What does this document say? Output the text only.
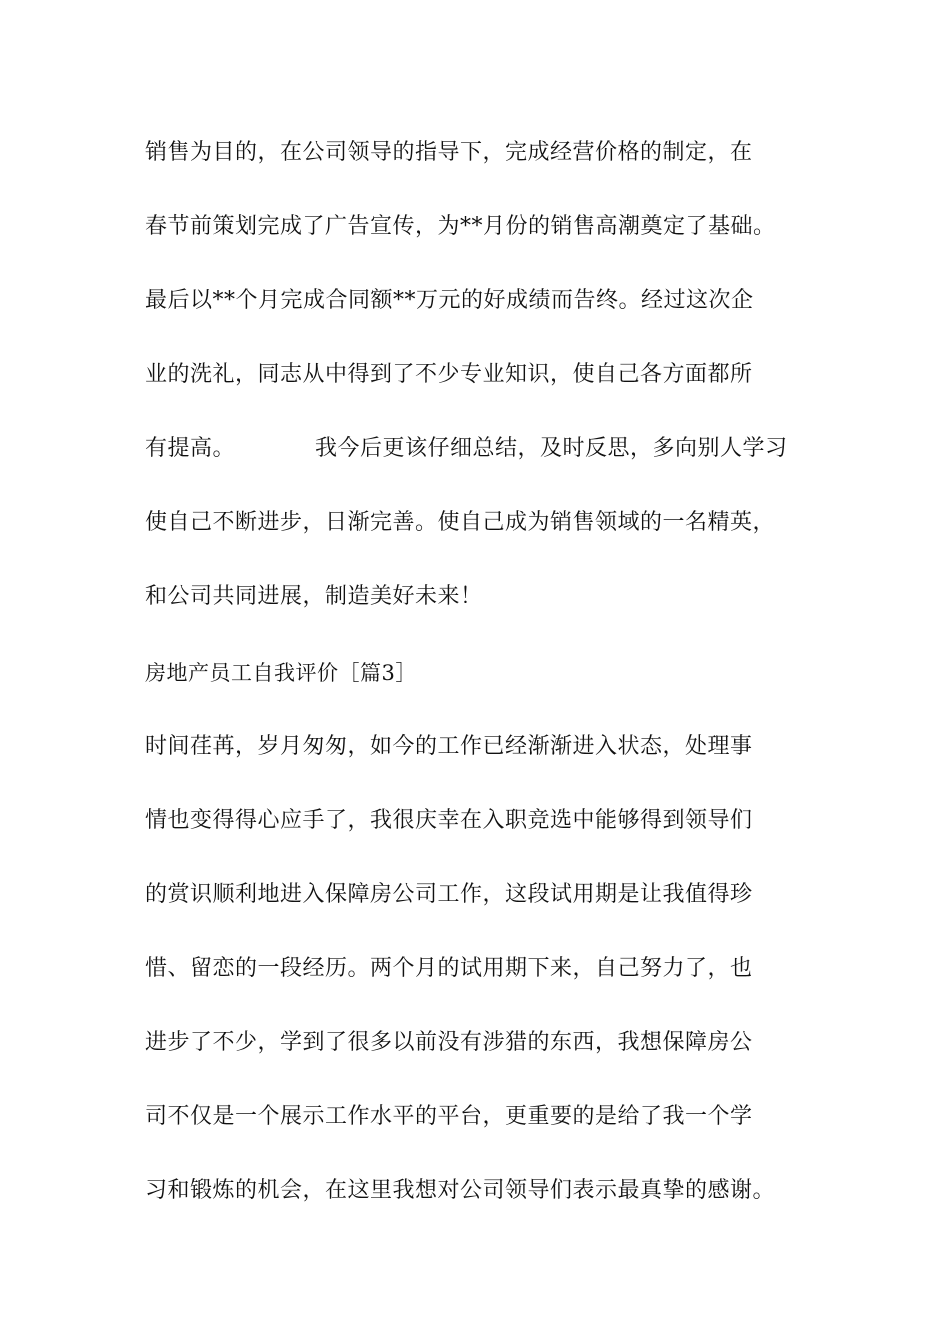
销售为目的，在公司领导的指导下，完成经营价格的制定，在
春节前策划完成了广告宣传，为**月份的销售高潮奠定了基础。
最后以**个月完成合同额**万元的好成绩而告终。经过这次企
业的洗礼，同志从中得到了不少专业知识，使自己各方面都所
有提高。	我今后更该仔细总结，及时反思，多向别人学习
使自己不断进步，日渐完善。使自己成为销售领域的一名精英，
和公司共同进展，制造美好未来！
房地产员工自我评价［篇3］
时间荏苒，岁月匆匆，如今的工作已经渐渐进入状态，处理事
情也变得得心应手了，我很庆幸在入职竞选中能够得到领导们
的赏识顺利地进入保障房公司工作，这段试用期是让我值得珍
惜、留恋的一段经历。两个月的试用期下来，自己努力了，也
进步了不少，学到了很多以前没有涉猎的东西，我想保障房公
司不仅是一个展示工作水平的平台，更重要的是给了我一个学
习和锻炼的机会，在这里我想对公司领导们表示最真挚的感谢。
